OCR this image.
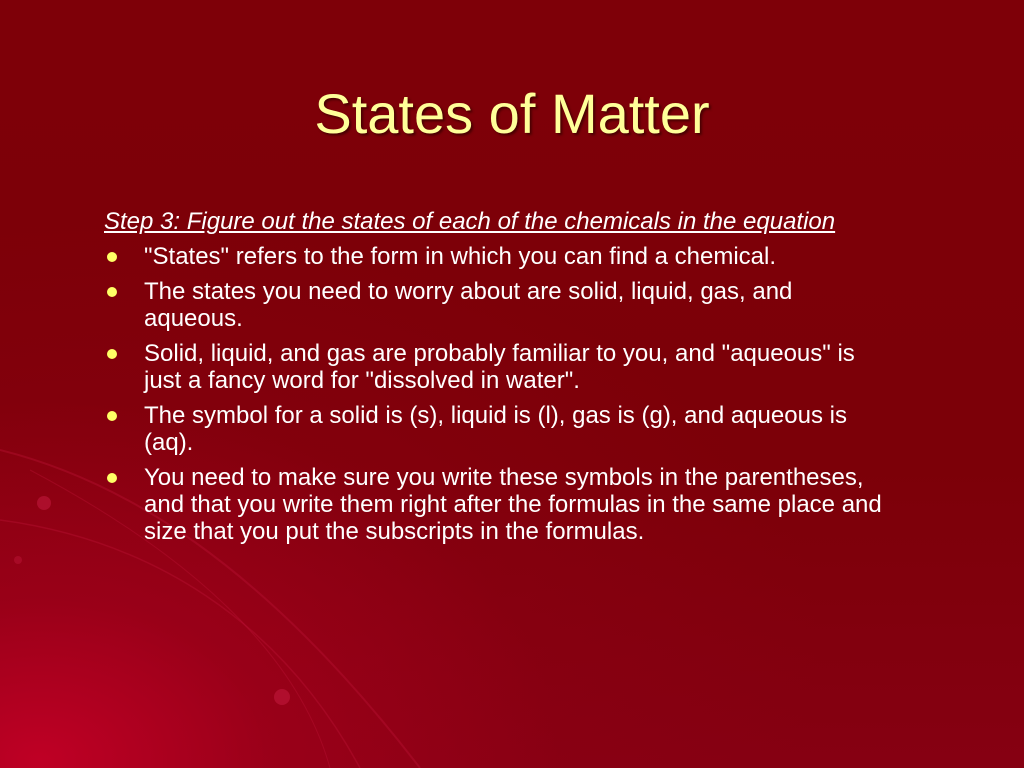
States of Matter

Step 3: Figure out the states of each of the chemicals in the equation

"States" refers to the form in which you can find a chemical.
The states you need to worry about are solid, liquid, gas, and aqueous.
Solid, liquid, and gas are probably familiar to you, and "aqueous" is just a fancy word for "dissolved in water".
The symbol for a solid is (s), liquid is (l), gas is (g), and aqueous is (aq).
You need to make sure you write these symbols in the parentheses, and that you write them right after the formulas in the same place and size that you put the subscripts in the formulas.
